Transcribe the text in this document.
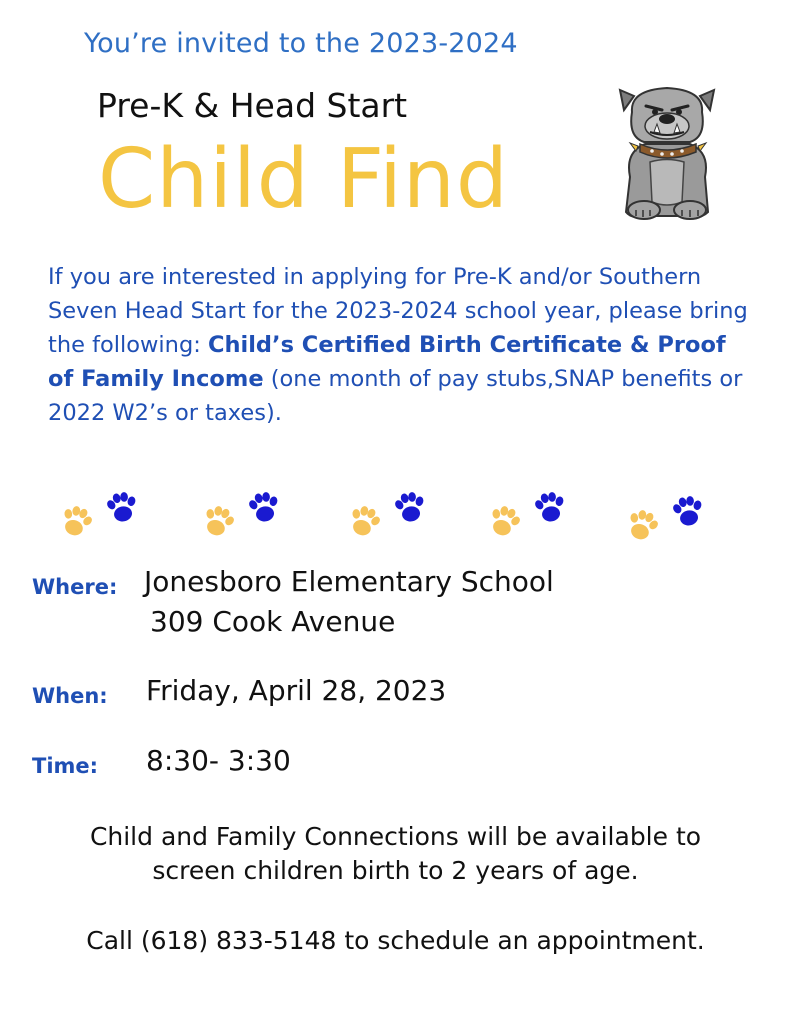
You’re invited to the 2023-2024
Pre-K & Head Start
Child Find
If you are interested in applying for Pre-K and/or Southern Seven Head Start for the 2023-2024 school year, please bring the following: Child’s Certified Birth Certificate & Proof of Family Income (one month of pay stubs,SNAP benefits or 2022 W2’s or taxes).
Where: Jonesboro Elementary School
309 Cook Avenue
When: Friday, April 28, 2023
Time: 8:30- 3:30
Child and Family Connections will be available to
screen children birth to 2 years of age.
Call (618) 833-5148 to schedule an appointment.
